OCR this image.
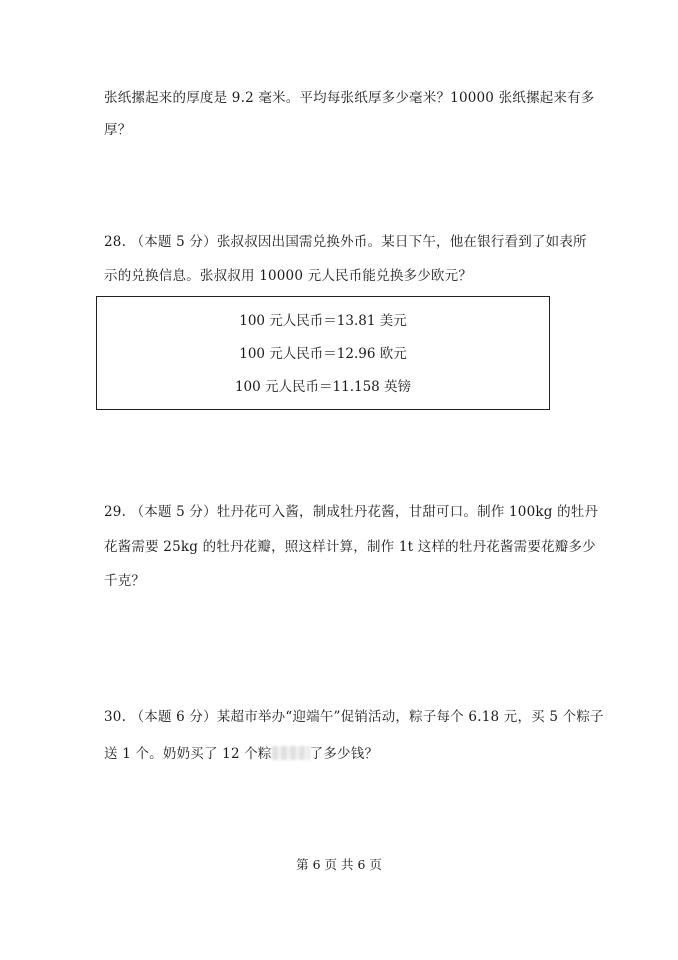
张纸摞起来的厚度是 9.2 毫米。平均每张纸厚多少毫米？10000 张纸摞起来有多
厚？
28. （本题 5 分）张叔叔因出国需兑换外币。某日下午，他在银行看到了如表所
示的兑换信息。张叔叔用 10000 元人民币能兑换多少欧元？
100 元人民币＝13.81 美元
100 元人民币＝12.96 欧元
100 元人民币＝11.158 英镑
29. （本题 5 分）牡丹花可入酱，制成牡丹花酱，甘甜可口。制作 100kg 的牡丹
花酱需要 25kg 的牡丹花瓣，照这样计算，制作 1t 这样的牡丹花酱需要花瓣多少
千克？
30. （本题 6 分）某超市举办“迎端午”促销活动，粽子每个 6.18 元，买 5 个粽子
送 1 个。奶奶买了 12 个粽	了多少钱？
第 6 页 共 6 页
